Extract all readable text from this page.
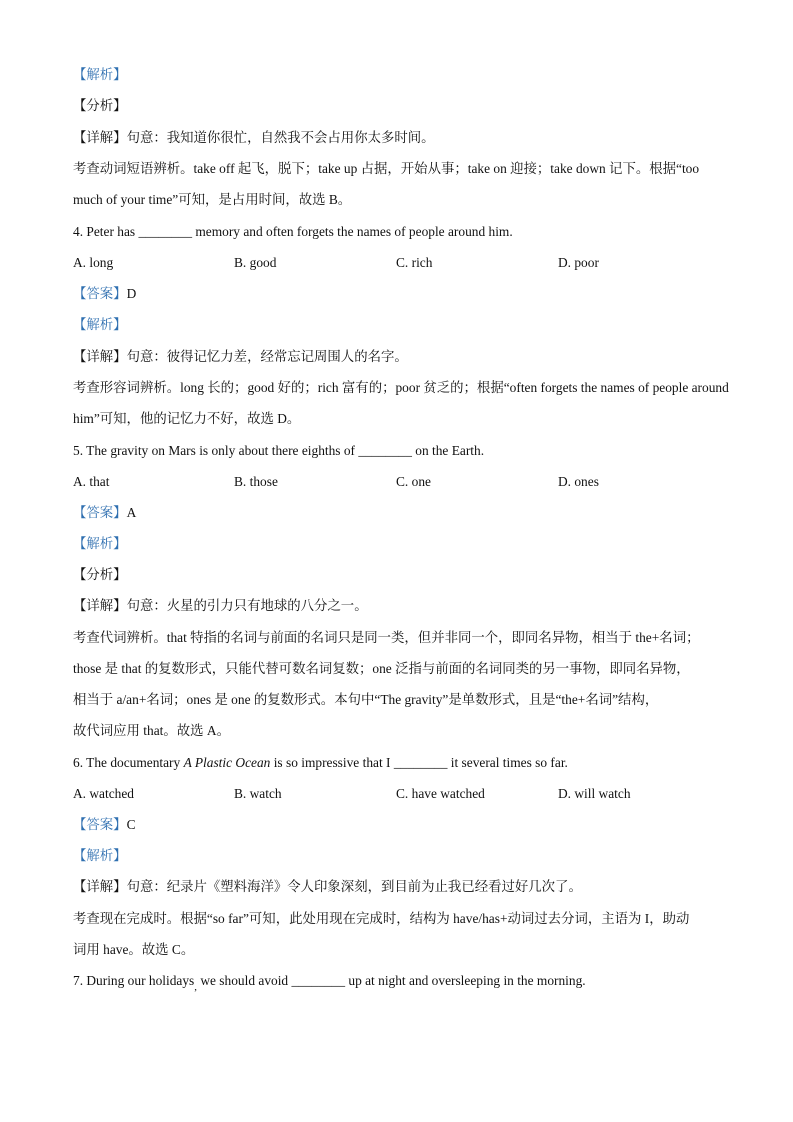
【解析】
【分析】
【详解】句意：我知道你很忙，自然我不会占用你太多时间。
考查动词短语辨析。take off 起飞，脱下；take up 占据，开始从事；take on 迎接；take down 记下。根据“too
much of your time”可知，是占用时间，故选 B。
4. Peter has ________ memory and often forgets the names of people around him.
A. long	B. good	C. rich	D. poor
【答案】D
【解析】
【详解】句意：彼得记忆力差，经常忘记周围人的名字。
考查形容词辨析。long 长的；good 好的；rich 富有的；poor 贫乏的；根据“often forgets the names of people around
him”可知，他的记忆力不好，故选 D。
5. The gravity on Mars is only about there eighths of ________ on the Earth.
A. that	B. those	C. one	D. ones
【答案】A
【解析】
【分析】
【详解】句意：火星的引力只有地球的八分之一。
考查代词辨析。that 特指的名词与前面的名词只是同一类，但并非同一个，即同名异物，相当于 the+名词；
those 是 that 的复数形式，只能代替可数名词复数；one 泛指与前面的名词同类的另一事物，即同名异物，
相当于 a/an+名词；ones 是 one 的复数形式。本句中“The gravity”是单数形式，且是“the+名词”结构，
故代词应用 that。故选 A。
6. The documentary A Plastic Ocean is so impressive that I ________ it several times so far.
A. watched	B. watch	C. have watched	D. will watch
【答案】C
【解析】
【详解】句意：纪录片《塑料海洋》令人印象深刻，到目前为止我已经看过好几次了。
考查现在完成时。根据“so far”可知，此处用现在完成时，结构为 have/has+动词过去分词，主语为 I，助动
词用 have。故选 C。
7. During our holidays$_,$ we should avoid ________ up at night and oversleeping in the morning.
